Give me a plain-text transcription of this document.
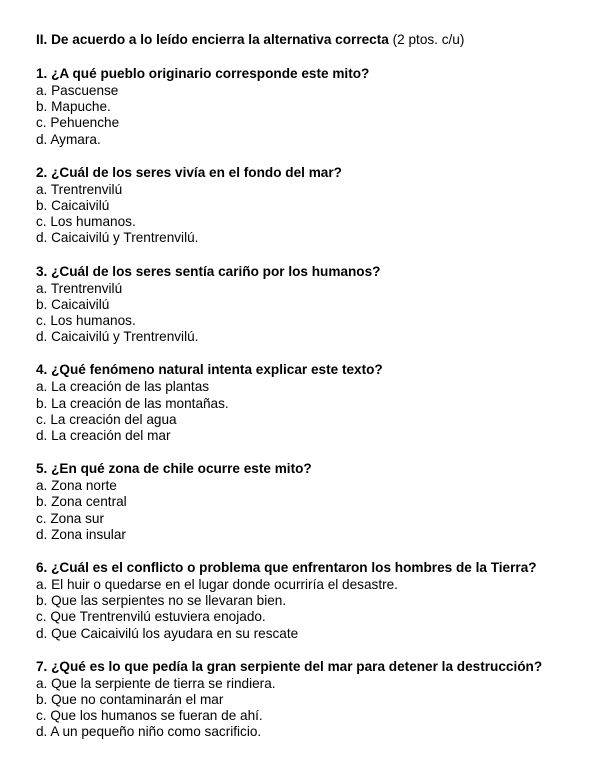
II. De acuerdo a lo leído encierra la alternativa correcta (2 ptos. c/u)

1. ¿A qué pueblo originario corresponde este mito?

a. Pascuense
b. Mapuche.
c. Pehuenche
d. Aymara.

2. ¿Cuál de los seres vivía en el fondo del mar?

a. Trentrenvilú
b. Caicaivilú
c. Los humanos.
d. Caicaivilú y Trentrenvilú.

3. ¿Cuál de los seres sentía cariño por los humanos?

a. Trentrenvilú
b. Caicaivilú
c. Los humanos.
d. Caicaivilú y Trentrenvilú.

4. ¿Qué fenómeno natural intenta explicar este texto?

a. La creación de las plantas
b. La creación de las montañas.
c. La creación del agua
d. La creación del mar

5. ¿En qué zona de chile ocurre este mito?

a. Zona norte
b. Zona central
c. Zona sur
d. Zona insular

6. ¿Cuál es el conflicto o problema que enfrentaron los hombres de la Tierra?

a. El huir o quedarse en el lugar donde ocurriría el desastre.
b. Que las serpientes no se llevaran bien.
c. Que Trentrenvilú estuviera enojado.
d. Que Caicaivilú los ayudara en su rescate

7. ¿Qué es lo que pedía la gran serpiente del mar para detener la destrucción?

a. Que la serpiente de tierra se rindiera.
b. Que no contaminarán el mar
c. Que los humanos se fueran de ahí.
d. A un pequeño niño como sacrificio.
